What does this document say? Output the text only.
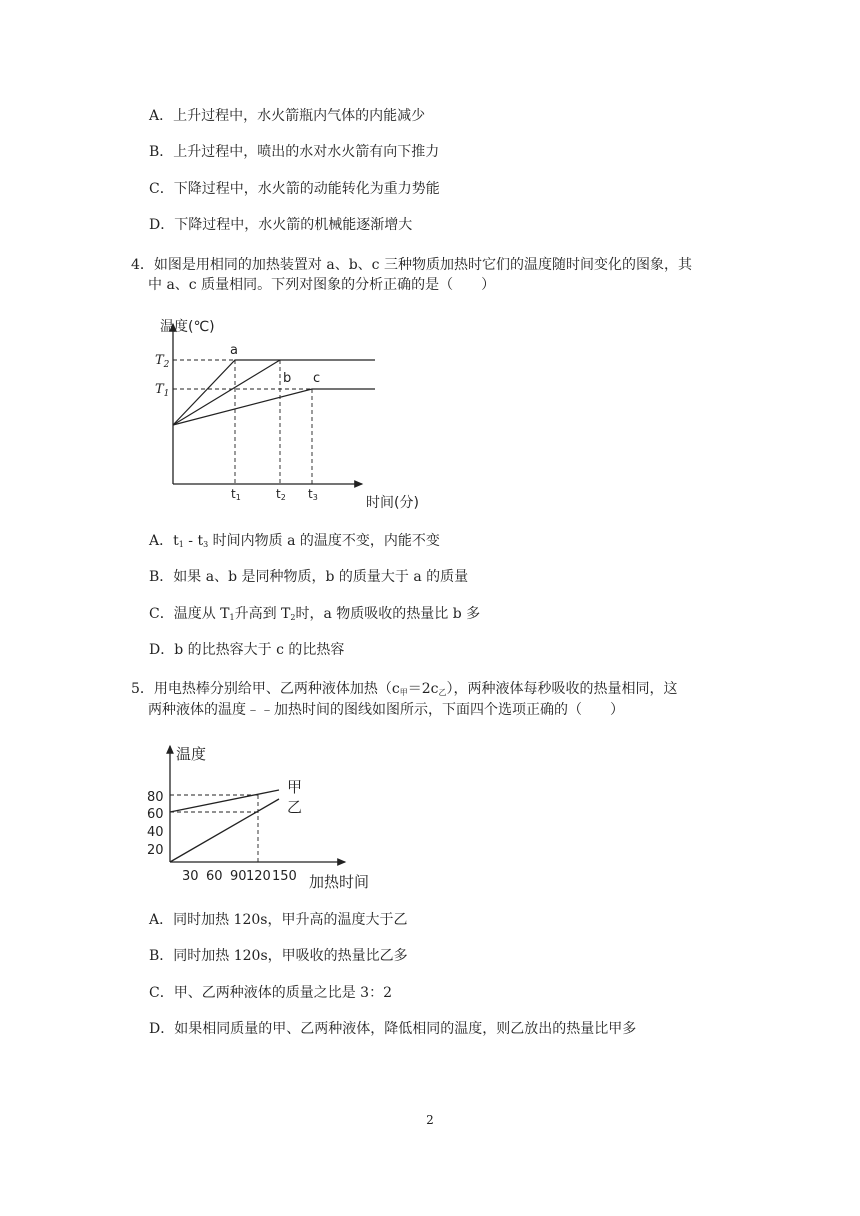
A．上升过程中，水火箭瓶内气体的内能减少
B．上升过程中，喷出的水对水火箭有向下推力
C．下降过程中，水火箭的动能转化为重力势能
D．下降过程中，水火箭的机械能逐渐增大
4．如图是用相同的加热装置对 a、b、c 三种物质加热时它们的温度随时间变化的图象，其
中 a、c 质量相同。下列对图象的分析正确的是（　　）
温度(℃)
时间(分)
$T_2$
$T_1$
a
b c
t1	t2 t3
A．$t_1 - t_3$ 时间内物质 a 的温度不变，内能不变
B．如果 a、b 是同种物质，b 的质量大于 a 的质量
C．温度从 $T_1$升高到 $T_2$时，a 物质吸收的热量比 b 多
D．b 的比热容大于 c 的比热容
5．用电热棒分别给甲、乙两种液体加热$(c_甲=2c_乙)$，两种液体每秒吸收的热量相同，这
两种液体的温度﹣﹣加热时间的图线如图所示，下面四个选项正确的（　　）
温度
加热时间
80
60
40
20
30 60 90 120 150
甲
乙
A．同时加热 120s，甲升高的温度大于乙
B．同时加热 120s，甲吸收的热量比乙多
C．甲、乙两种液体的质量之比是 3：2
D．如果相同质量的甲、乙两种液体，降低相同的温度，则乙放出的热量比甲多
2
